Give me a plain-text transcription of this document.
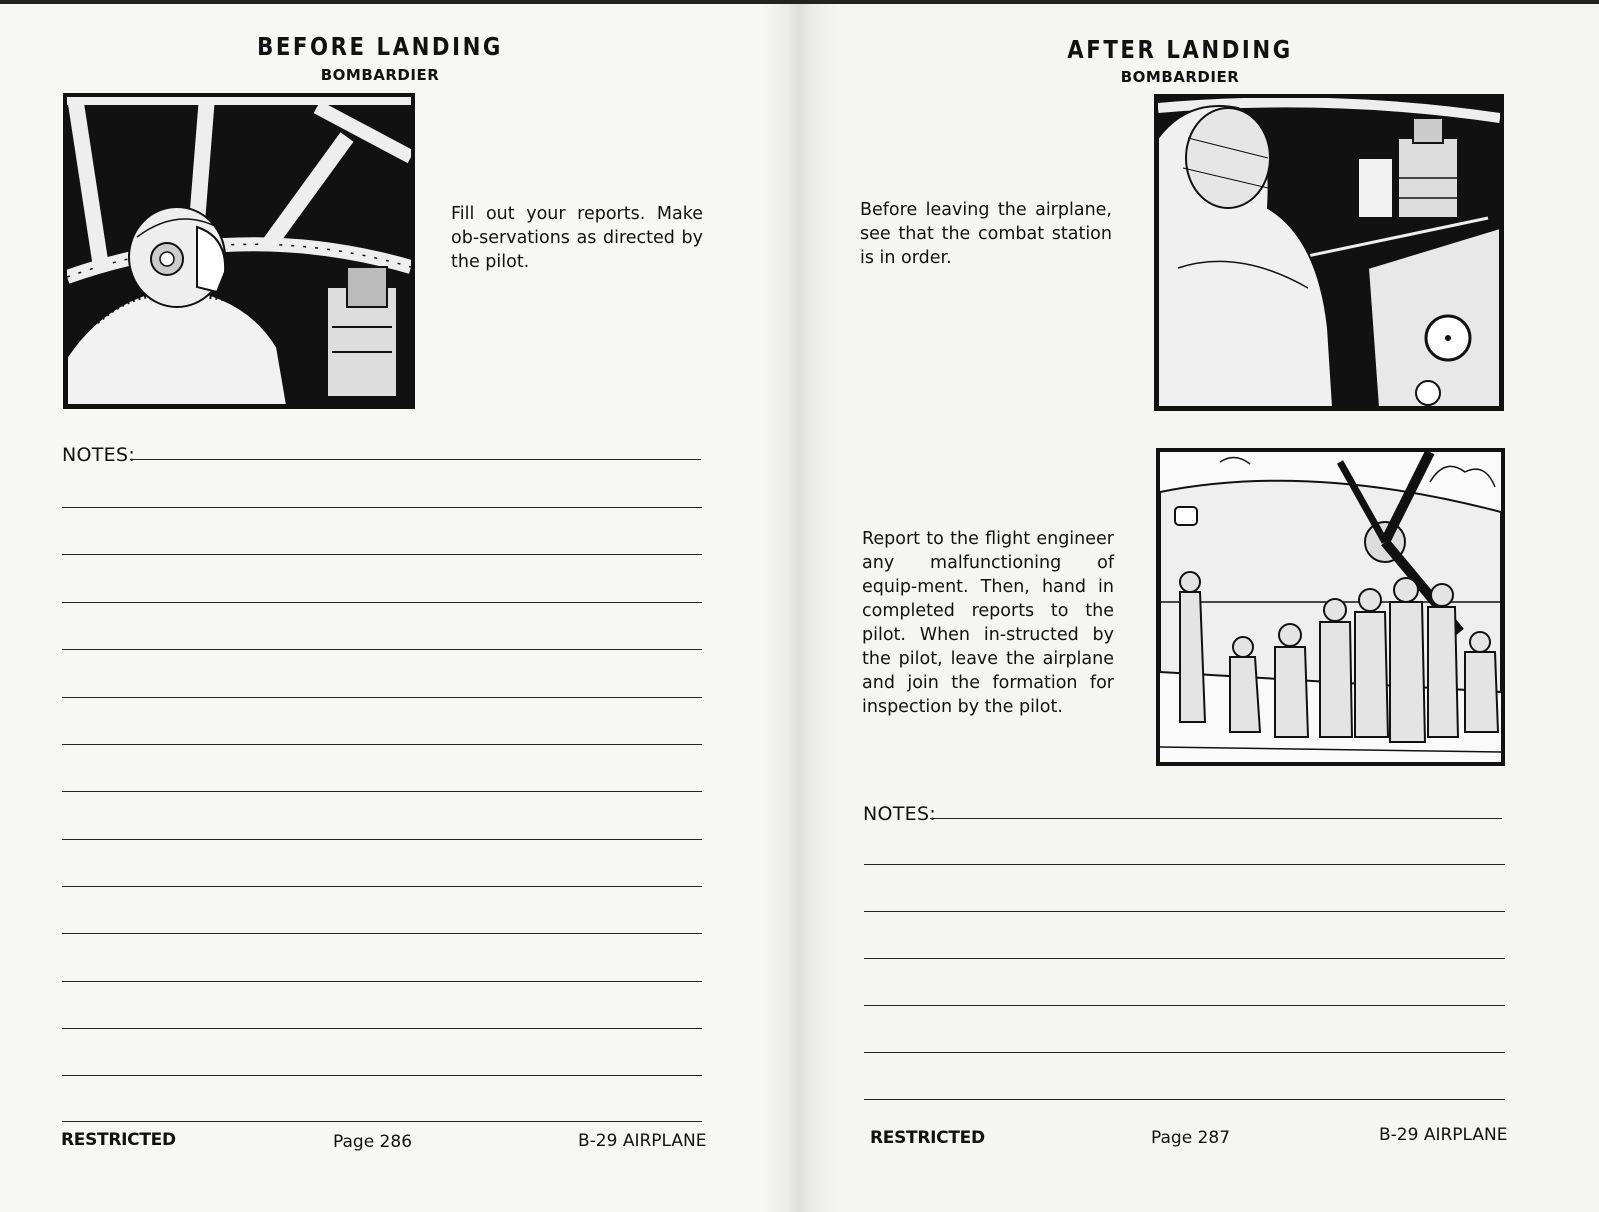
BEFORE LANDING
BOMBARDIER
Fill out your reports. Make ob-servations as directed by the pilot.
NOTES:
RESTRICTED	Page 286	B-29 AIRPLANE
AFTER LANDING
BOMBARDIER
Before leaving the airplane, see that the combat station is in order.
Report to the flight engineer any malfunctioning of equip-ment. Then, hand in completed reports to the pilot. When in-structed by the pilot, leave the airplane and join the formation for inspection by the pilot.
NOTES:
RESTRICTED	Page 287	B-29 AIRPLANE
